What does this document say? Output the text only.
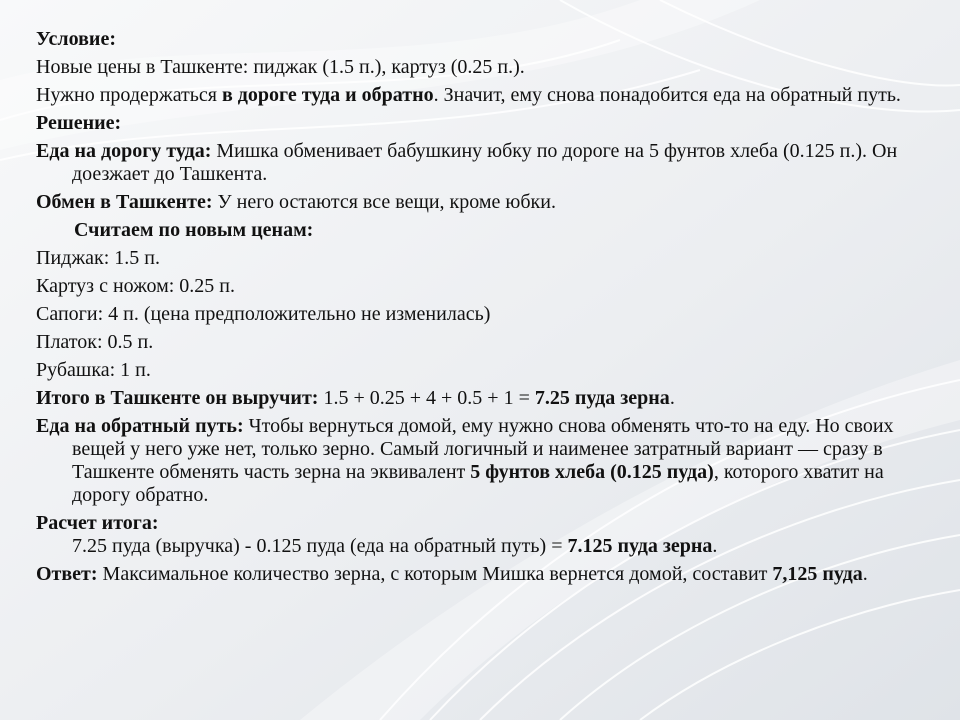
Условие:
Новые цены в Ташкенте: пиджак (1.5 п.), картуз (0.25 п.).
Нужно продержаться в дороге туда и обратно. Значит, ему снова понадобится еда на обратный путь.
Решение:
Еда на дорогу туда: Мишка обменивает бабушкину юбку по дороге на 5 фунтов хлеба (0.125 п.). Он доезжает до Ташкента.
Обмен в Ташкенте: У него остаются все вещи, кроме юбки.
Считаем по новым ценам:
Пиджак: 1.5 п.
Картуз с ножом: 0.25 п.
Сапоги: 4 п. (цена предположительно не изменилась)
Платок: 0.5 п.
Рубашка: 1 п.
Итого в Ташкенте он выручит: 1.5 + 0.25 + 4 + 0.5 + 1 = 7.25 пуда зерна.
Еда на обратный путь: Чтобы вернуться домой, ему нужно снова обменять что-то на еду. Но своих вещей у него уже нет, только зерно. Самый логичный и наименее затратный вариант — сразу в Ташкенте обменять часть зерна на эквивалент 5 фунтов хлеба (0.125 пуда), которого хватит на дорогу обратно.
Расчет итога:
7.25 пуда (выручка) - 0.125 пуда (еда на обратный путь) = 7.125 пуда зерна.
Ответ: Максимальное количество зерна, с которым Мишка вернется домой, составит 7,125 пуда.
